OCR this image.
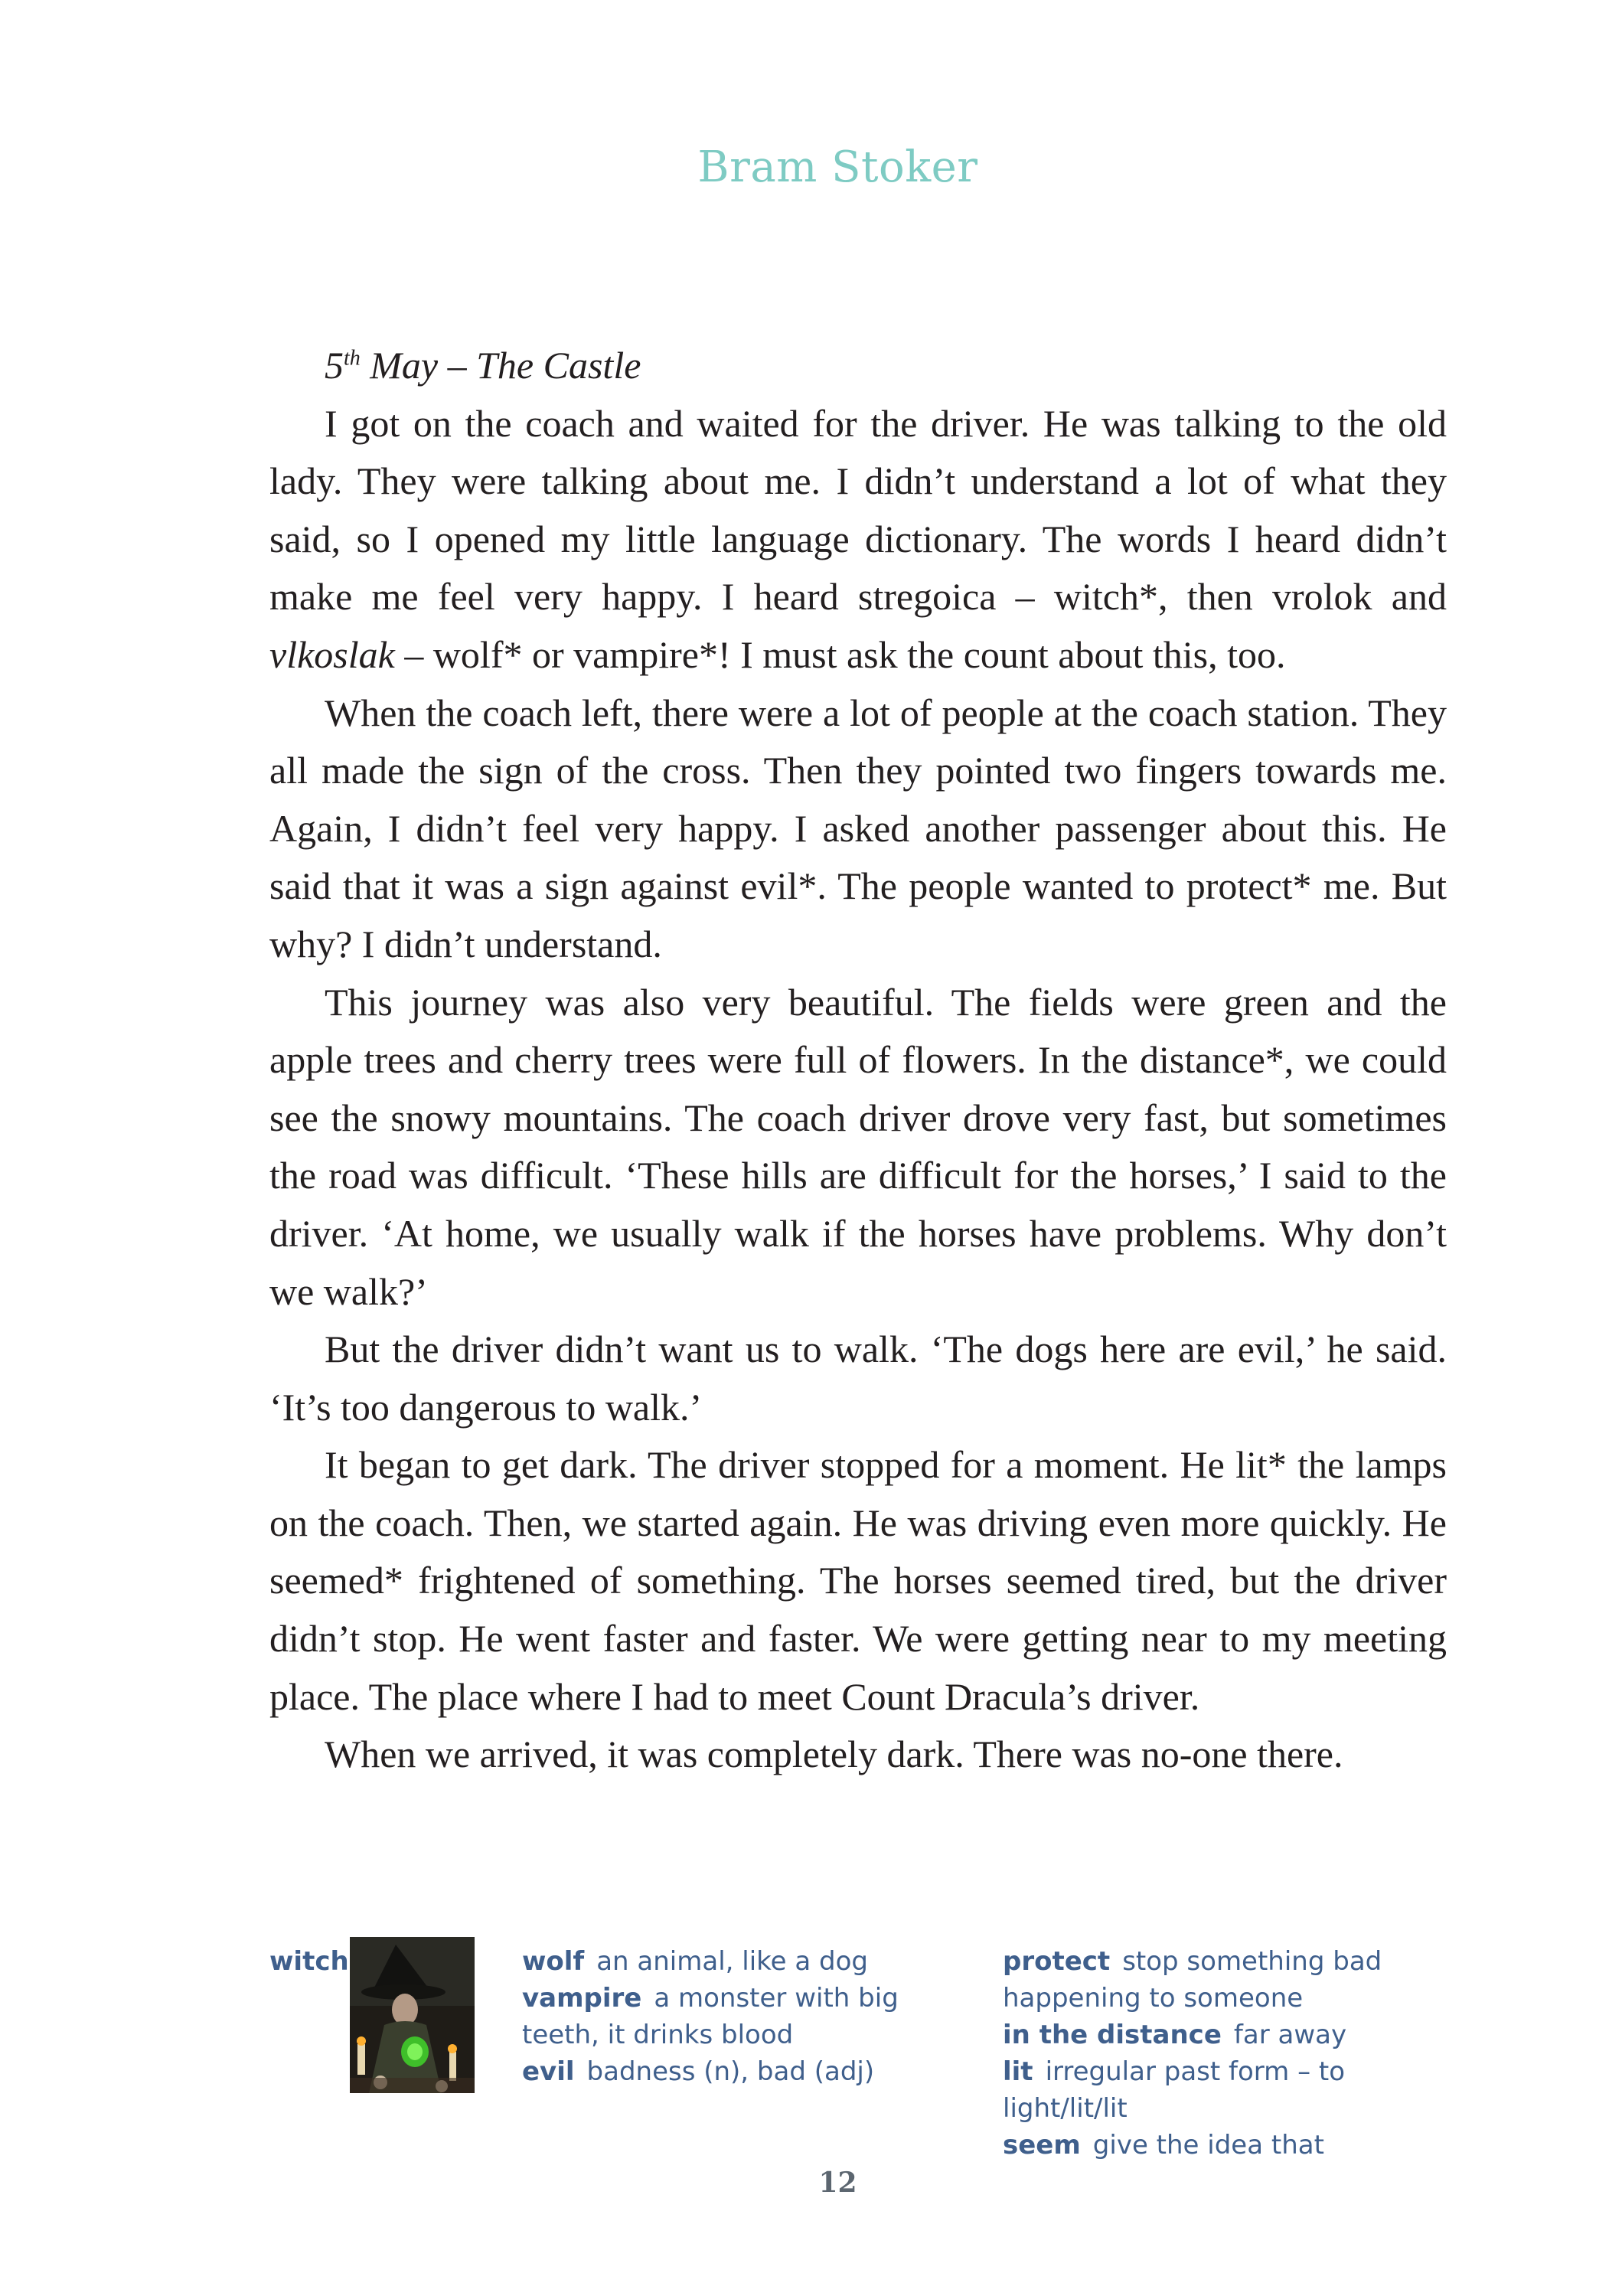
Bram Stoker

5th May – The Castle

I got on the coach and waited for the driver. He was talking to the old lady. They were talking about me. I didn’t understand a lot of what they said, so I opened my little language dictionary. The words I heard didn’t make me feel very happy. I heard stregoica – witch*, then vrolok and vlkoslak – wolf* or vampire*! I must ask the count about this, too.

When the coach left, there were a lot of people at the coach station. They all made the sign of the cross. Then they pointed two fingers towards me. Again, I didn’t feel very happy. I asked another passenger about this. He said that it was a sign against evil*. The people wanted to protect* me. But why? I didn’t understand.

This journey was also very beautiful. The fields were green and the apple trees and cherry trees were full of flowers. In the distance*, we could see the snowy mountains. The coach driver drove very fast, but sometimes the road was difficult. ‘These hills are difficult for the horses,’ I said to the driver. ‘At home, we usually walk if the horses have problems. Why don’t we walk?’

But the driver didn’t want us to walk. ‘The dogs here are evil,’ he said. ‘It’s too dangerous to walk.’

It began to get dark. The driver stopped for a moment. He lit* the lamps on the coach. Then, we started again. He was driving even more quickly. He seemed* frightened of something. The horses seemed tired, but the driver didn’t stop. He went faster and faster. We were getting near to my meeting place. The place where I had to meet Count Dracula’s driver.

When we arrived, it was completely dark. There was no-one there.

witch	wolf an animal, like a dog

vampire a monster with big teeth, it drinks blood

evil badness (n), bad (adj)

protect stop something bad happening to someone

in the distance far away

lit irregular past form – to light/lit/lit

seem give the idea that

12
